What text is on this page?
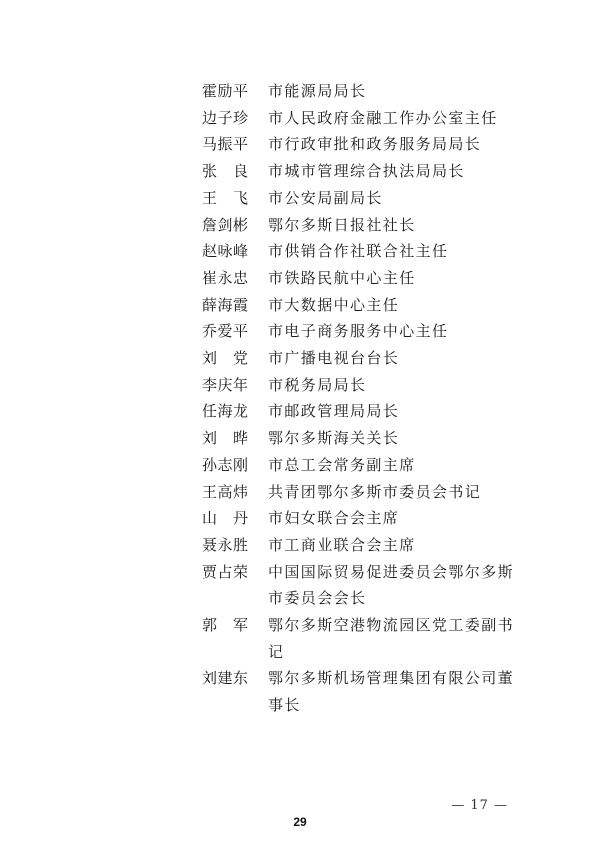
霍励平	市能源局局长
边子珍	市人民政府金融工作办公室主任
马振平	市行政审批和政务服务局局长
张　良	市城市管理综合执法局局长
王　飞	市公安局副局长
詹剑彬	鄂尔多斯日报社社长
赵咏峰	市供销合作社联合社主任
崔永忠	市铁路民航中心主任
薛海霞	市大数据中心主任
乔爱平	市电子商务服务中心主任
刘　党	市广播电视台台长
李庆年	市税务局局长
任海龙	市邮政管理局局长
刘　晔	鄂尔多斯海关关长
孙志刚	市总工会常务副主席
王高炜	共青团鄂尔多斯市委员会书记
山　丹	市妇女联合会主席
聂永胜	市工商业联合会主席
贾占荣	中国国际贸易促进委员会鄂尔多斯市委员会会长
郭　军	鄂尔多斯空港物流园区党工委副书记
刘建东	鄂尔多斯机场管理集团有限公司董事长
— 17 —
29
